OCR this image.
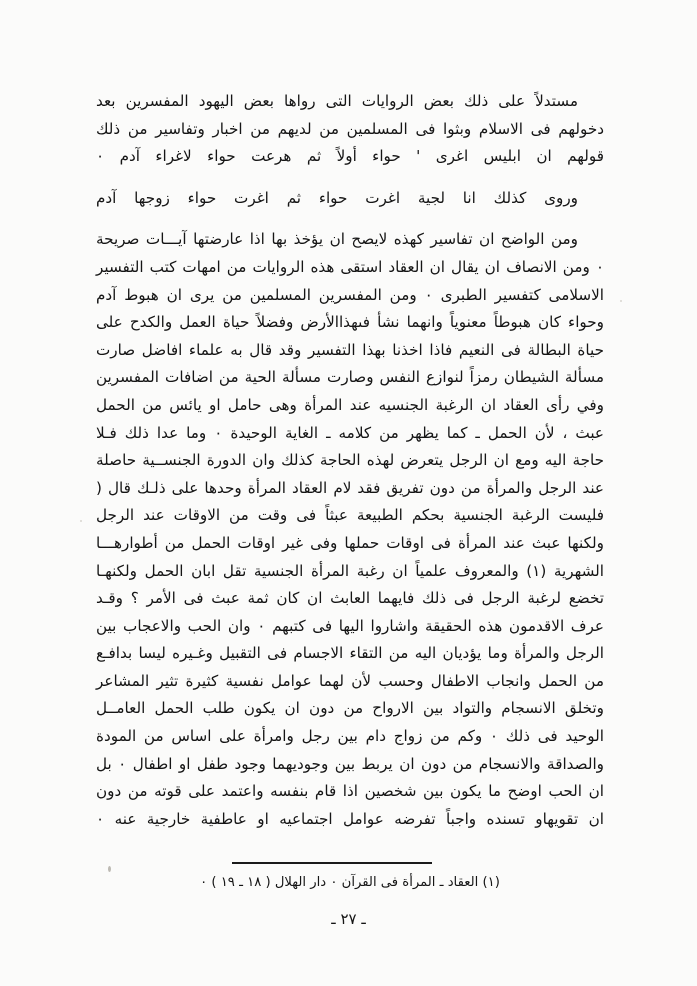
مستدلاً على ذلك بعض الروايات التى رواها بعض اليهود المفسرين بعد دخولهم فى الاسلام وبثوا فى المسلمين من لديهم من اخبار وتفاسير من ذلك قولهم ان ابليس اغرى ' حواء أولاً ثم هرعت حواء لاغراء آدم ٠

وروى كذلك انا لجية اغرت حواء ثم اغرت حواء زوجها آدم

ومن الواضح ان تفاسير كهذه لايصح ان يؤخذ بها اذا عارضتها آيـــات صريحة ٠ ومن الانصاف ان يقال ان العقاد استقى هذه الروايات من امهات كتب التفسير الاسلامى كتفسير الطبرى ٠ ومن المفسرين المسلمين من يرى ان هبوط آدم وحواء كان هبوطاً معنوياً وانهما نشأ فىهذاالأرض وفضلاً حياة العمل والكدح على حياة البطالة فى النعيم فاذا اخذنا بهذا التفسير وقد قال به علماء افاضل صارت مسألة الشيطان رمزاً لنوازع النفس وصارت مسألة الحية من اضافات المفسرين وفي رأى العقاد ان الرغبة الجنسيه عند المرأة وهى حامل او يائس من الحمل عبث ، لأن الحمل ـ كما يظهر من كلامه ـ الغاية الوحيدة ٠ وما عدا ذلك فـلا حاجة اليه ومع ان الرجل يتعرض لهذه الحاجة كذلك وان الدورة الجنســية حاصلة عند الرجل والمرأة من دون تفريق فقد لام العقاد المرأة وحدها على ذلـك قال ( فليست الرغبة الجنسية بحكم الطبيعة عبثاً فى وقت من الاوقات عند الرجل ولكنها عبث عند المرأة فى اوقات حملها وفى غير اوقات الحمل من أطوارهـــا الشهرية (١) والمعروف علمياً ان رغبة المرأة الجنسية تقل ابان الحمل ولكنهـا تخضع لرغبة الرجل فى ذلك فايهما العابث ان كان ثمة عبث فى الأمر ؟ وقـد عرف الاقدمون هذه الحقيقة واشاروا اليها فى كتبهم ٠ وان الحب والاعجاب بين الرجل والمرأة وما يؤديان اليه من التقاء الاجسام فى التقبيل وغـيره ليسا بدافـع من الحمل وانجاب الاطفال وحسب لأن لهما عوامل نفسية كثيرة تثير المشاعر وتخلق الانسجام والتواد بين الارواح من دون ان يكون طلب الحمل العامــل الوحيد فى ذلك ٠ وكم من زواج دام بين رجل وامرأة على اساس من المودة والصداقة والانسجام من دون ان يربط بين وجوديهما وجود طفل او اطفال ٠ بل ان الحب اوضح ما يكون بين شخصين اذا قام بنفسه واعتمد على قوته من دون ان تقويهاو تسنده واجباً تفرضه عوامل اجتماعيه او عاطفية خارجية عنه ٠

(١) العقاد ـ المرأة فى القرآن ٠ دار الهلال ( ١٨ ـ ١٩ ) ٠
ـ ٢٧ ـ
